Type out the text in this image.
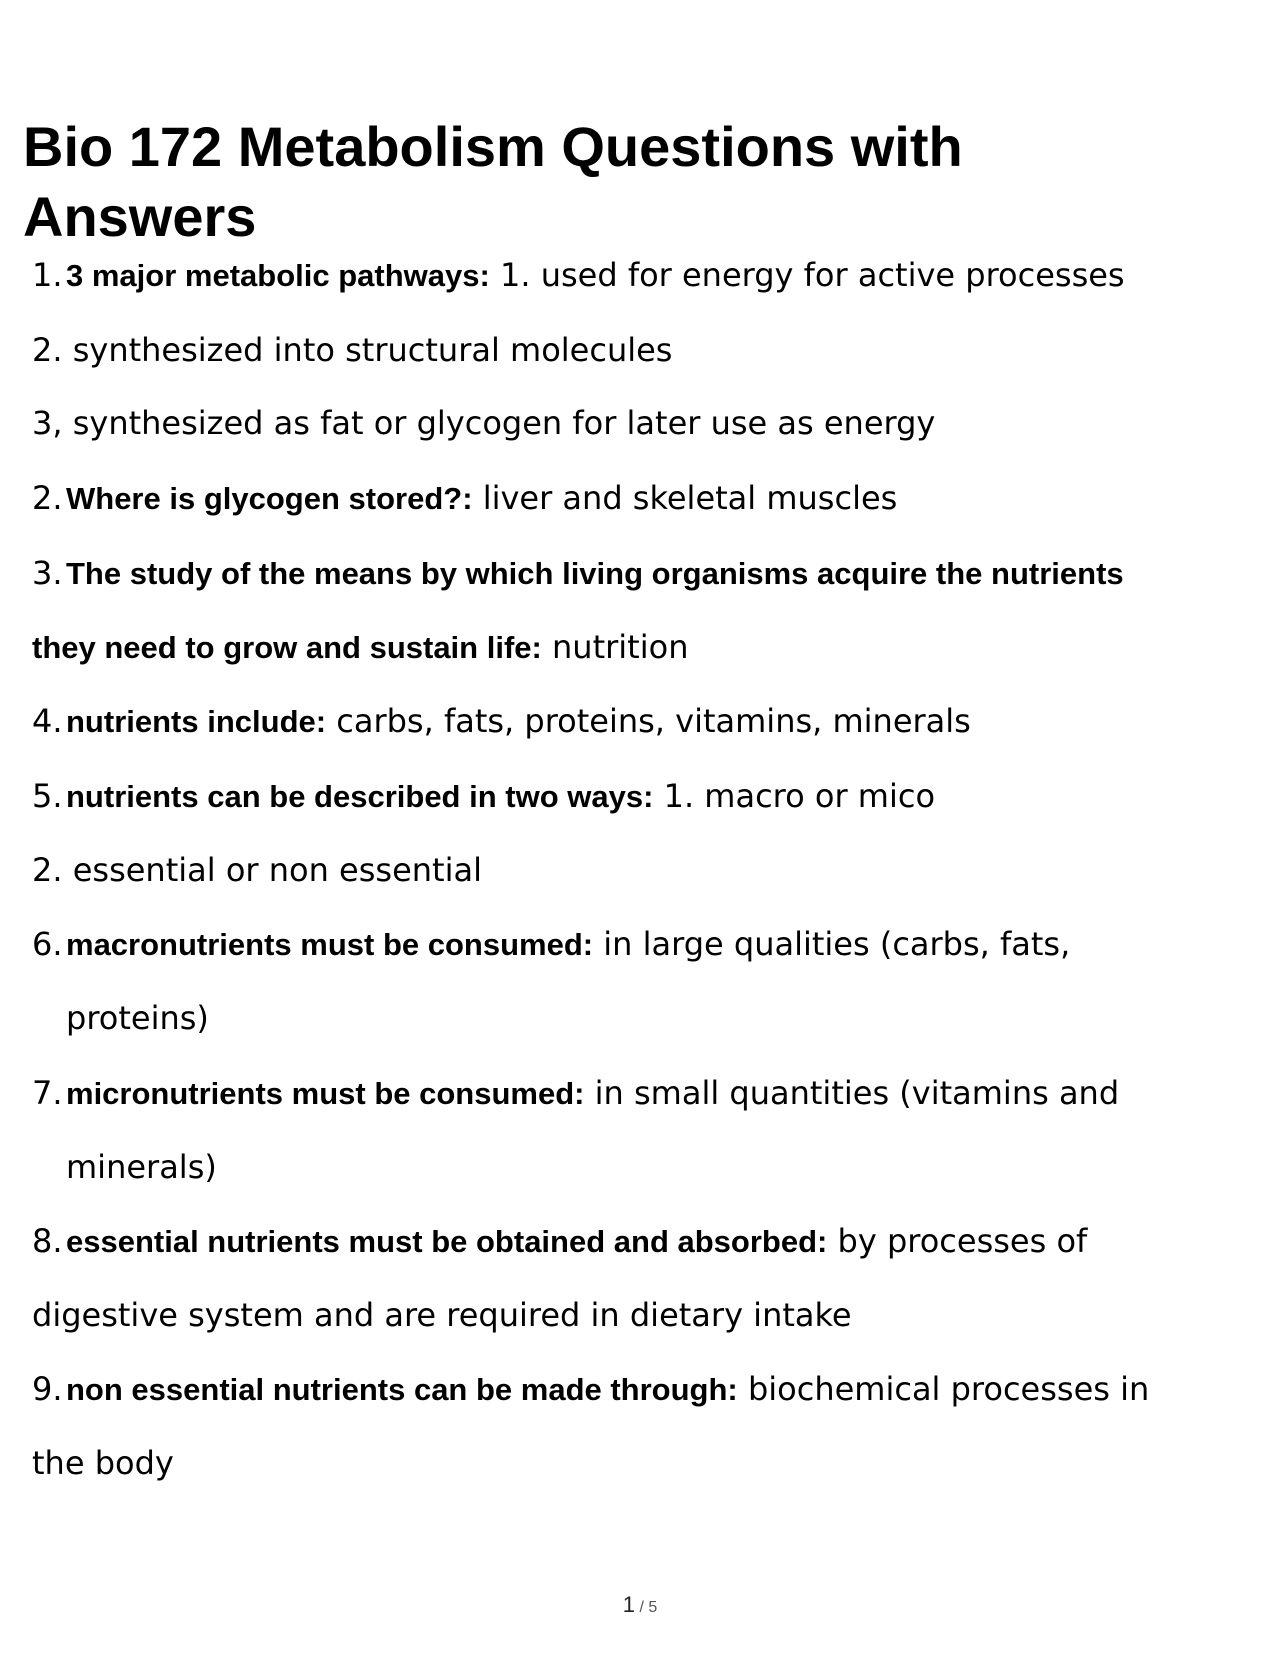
Bio 172 Metabolism Questions with Answers
1. 3 major metabolic pathways: 1. used for energy for active processes
2. synthesized into structural molecules
3, synthesized as fat or glycogen for later use as energy
2. Where is glycogen stored?: liver and skeletal muscles
3. The study of the means by which living organisms acquire the nutrients
they need to grow and sustain life: nutrition
4. nutrients include: carbs, fats, proteins, vitamins, minerals
5. nutrients can be described in two ways: 1. macro or mico
2. essential or non essential
6. macronutrients must be consumed: in large qualities (carbs, fats,
proteins)
7. micronutrients must be consumed: in small quantities (vitamins and
minerals)
8. essential nutrients must be obtained and absorbed: by processes of
digestive system and are required in dietary intake
9. non essential nutrients can be made through: biochemical processes in
the body
1 / 5
